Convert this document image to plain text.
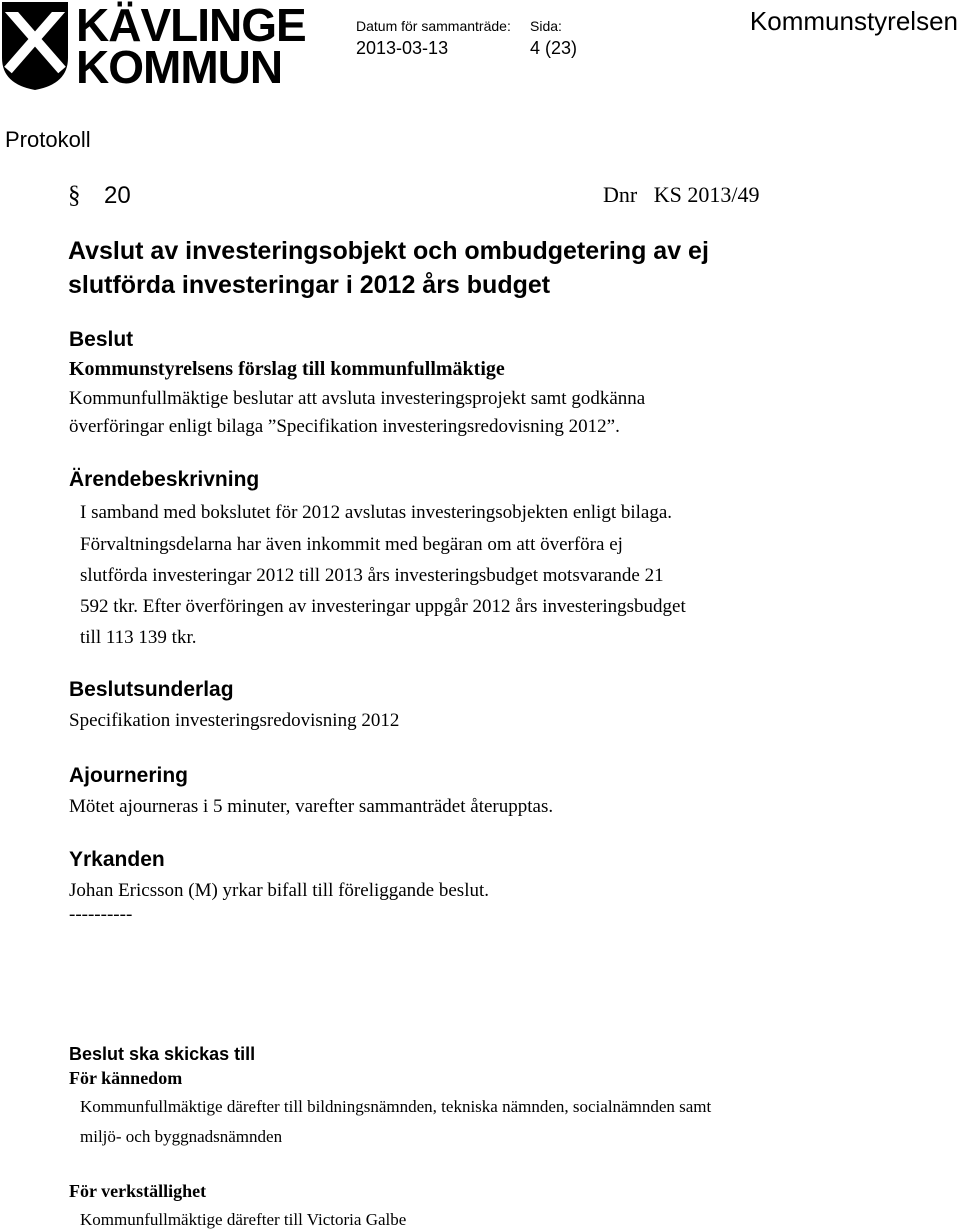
KÄVLINGE
KOMMUN
Datum för sammanträde:
2013-03-13
Sida:
4 (23)
Kommunstyrelsen
Protokoll
§ 20	Dnr KS 2013/49
Avslut av investeringsobjekt och ombudgetering av ej
slutförda investeringar i 2012 års budget
Beslut
Kommunstyrelsens förslag till kommunfullmäktige
Kommunfullmäktige beslutar att avsluta investeringsprojekt samt godkänna
överföringar enligt bilaga ”Specifikation investeringsredovisning 2012”.
Ärendebeskrivning
I samband med bokslutet för 2012 avslutas investeringsobjekten enligt bilaga.
Förvaltningsdelarna har även inkommit med begäran om att överföra ej
slutförda investeringar 2012 till 2013 års investeringsbudget motsvarande 21
592 tkr. Efter överföringen av investeringar uppgår 2012 års investeringsbudget
till 113 139 tkr.
Beslutsunderlag
Specifikation investeringsredovisning 2012
Ajournering
Mötet ajourneras i 5 minuter, varefter sammanträdet återupptas.
Yrkanden
Johan Ericsson (M) yrkar bifall till föreliggande beslut.
----------
Beslut ska skickas till
För kännedom
Kommunfullmäktige därefter till bildningsnämnden, tekniska nämnden, socialnämnden samt
miljö- och byggnadsnämnden
För verkställighet
Kommunfullmäktige därefter till Victoria Galbe
